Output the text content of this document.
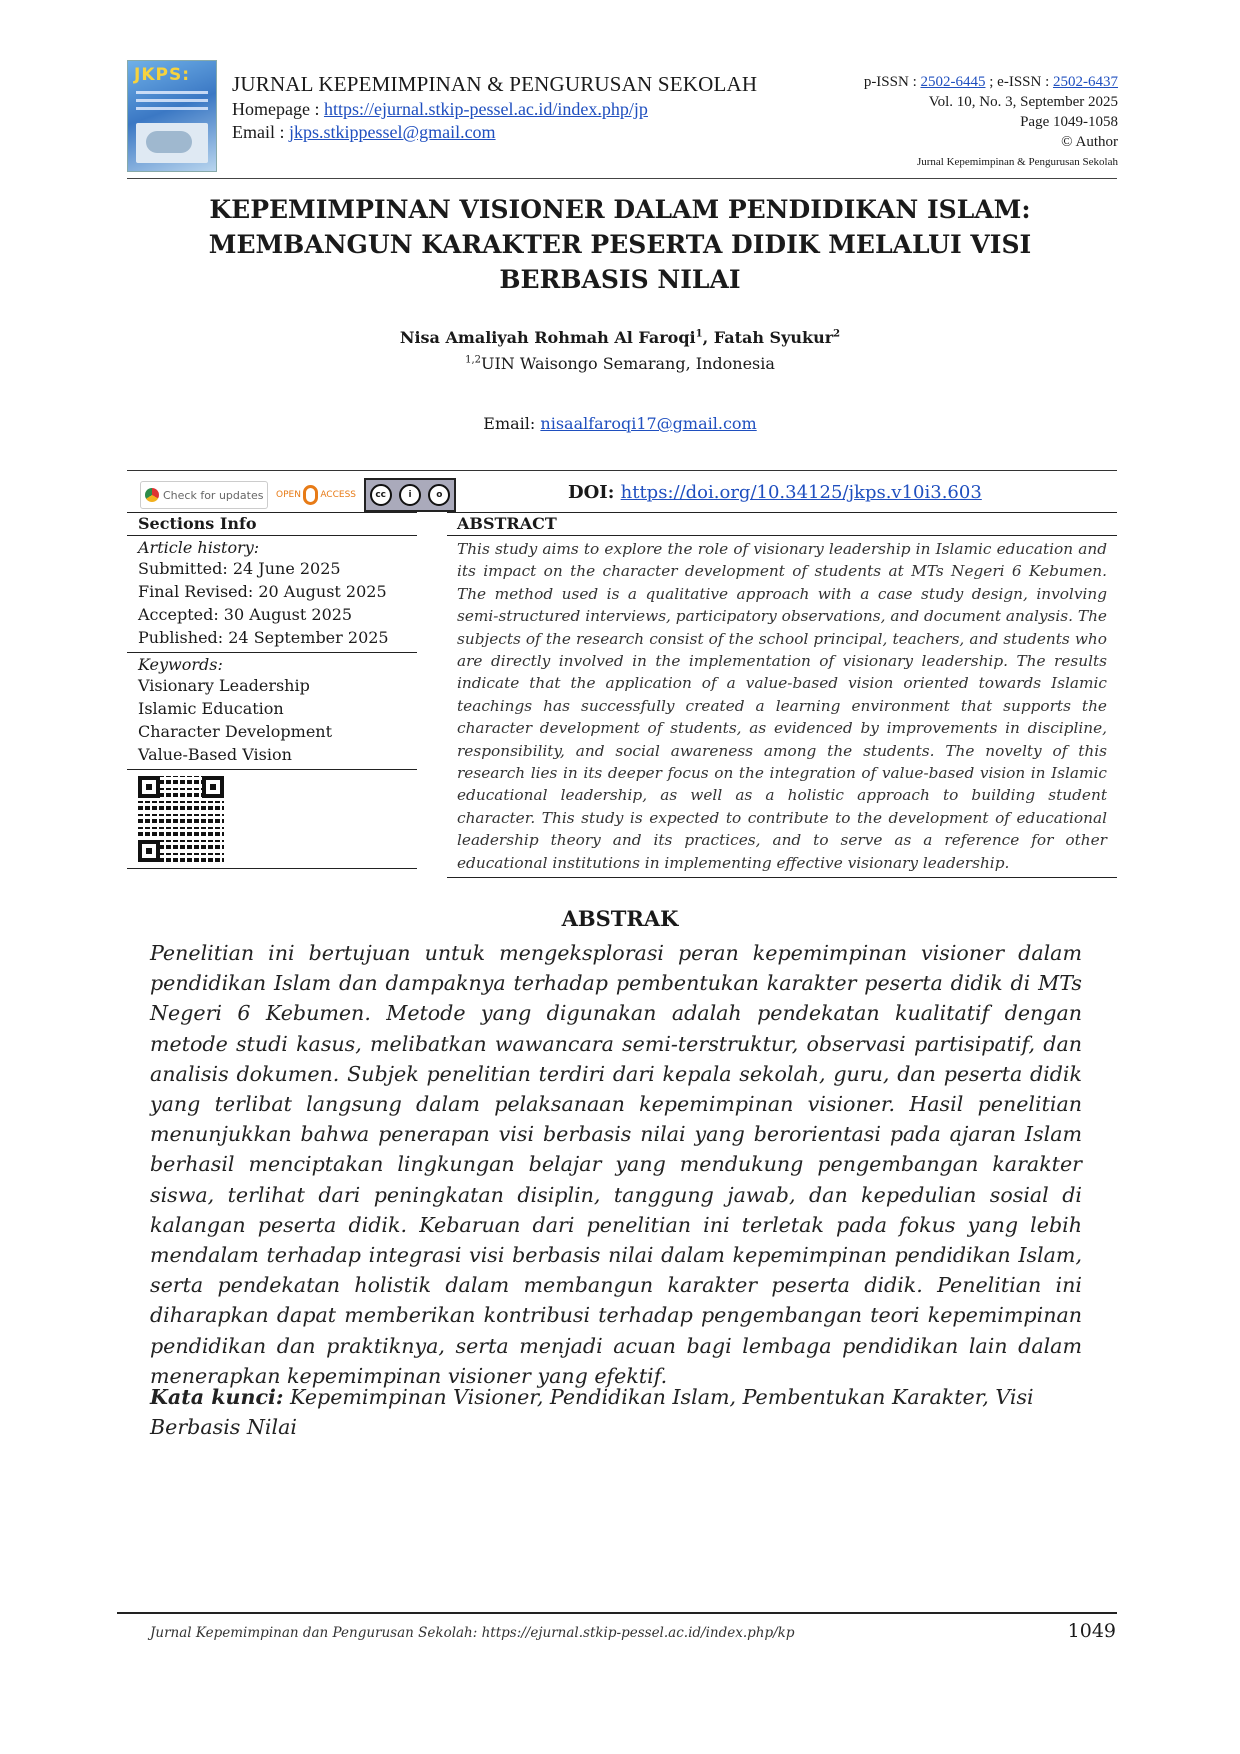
JKPS: JURNAL KEPEMIMPINAN & PENGURUSAN SEKOLAH
Homepage : https://ejurnal.stkip-pessel.ac.id/index.php/jp
Email : jkps.stkippessel@gmail.com
p-ISSN : 2502-6445 ; e-ISSN : 2502-6437
Vol. 10, No. 3, September 2025
Page 1049-1058
© Author
Jurnal Kepemimpinan & Pengurusan Sekolah
KEPEMIMPINAN VISIONER DALAM PENDIDIKAN ISLAM: MEMBANGUN KARAKTER PESERTA DIDIK MELALUI VISI BERBASIS NILAI
Nisa Amaliyah Rohmah Al Faroqi$^1$, Fatah Syukur$^2$
$^{1,2}$UIN Waisongo Semarang, Indonesia
Email: nisaalfaroqi17@gmail.com
Check for updates OPEN ACCESS	cc	i	o	DOI: https://doi.org/10.34125/jkps.v10i3.603
Sections Info
Article history:
Submitted: 24 June 2025
Final Revised: 20 August 2025
Accepted: 30 August 2025
Published: 24 September 2025
Keywords:
Visionary Leadership
Islamic Education
Character Development
Value-Based Vision
ABSTRACT
This study aims to explore the role of visionary leadership in Islamic education and its impact on the character development of students at MTs Negeri 6 Kebumen. The method used is a qualitative approach with a case study design, involving semi-structured interviews, participatory observations, and document analysis. The subjects of the research consist of the school principal, teachers, and students who are directly involved in the implementation of visionary leadership. The results indicate that the application of a value-based vision oriented towards Islamic teachings has successfully created a learning environment that supports the character development of students, as evidenced by improvements in discipline, responsibility, and social awareness among the students. The novelty of this research lies in its deeper focus on the integration of value-based vision in Islamic educational leadership, as well as a holistic approach to building student character. This study is expected to contribute to the development of educational leadership theory and its practices, and to serve as a reference for other educational institutions in implementing effective visionary leadership.
ABSTRAK
Penelitian ini bertujuan untuk mengeksplorasi peran kepemimpinan visioner dalam pendidikan Islam dan dampaknya terhadap pembentukan karakter peserta didik di MTs Negeri 6 Kebumen. Metode yang digunakan adalah pendekatan kualitatif dengan metode studi kasus, melibatkan wawancara semi-terstruktur, observasi partisipatif, dan analisis dokumen. Subjek penelitian terdiri dari kepala sekolah, guru, dan peserta didik yang terlibat langsung dalam pelaksanaan kepemimpinan visioner. Hasil penelitian menunjukkan bahwa penerapan visi berbasis nilai yang berorientasi pada ajaran Islam berhasil menciptakan lingkungan belajar yang mendukung pengembangan karakter siswa, terlihat dari peningkatan disiplin, tanggung jawab, dan kepedulian sosial di kalangan peserta didik. Kebaruan dari penelitian ini terletak pada fokus yang lebih mendalam terhadap integrasi visi berbasis nilai dalam kepemimpinan pendidikan Islam, serta pendekatan holistik dalam membangun karakter peserta didik. Penelitian ini diharapkan dapat memberikan kontribusi terhadap pengembangan teori kepemimpinan pendidikan dan praktiknya, serta menjadi acuan bagi lembaga pendidikan lain dalam menerapkan kepemimpinan visioner yang efektif.
Kata kunci: Kepemimpinan Visioner, Pendidikan Islam, Pembentukan Karakter, Visi Berbasis Nilai
Jurnal Kepemimpinan dan Pengurusan Sekolah: https://ejurnal.stkip-pessel.ac.id/index.php/kp	1049
